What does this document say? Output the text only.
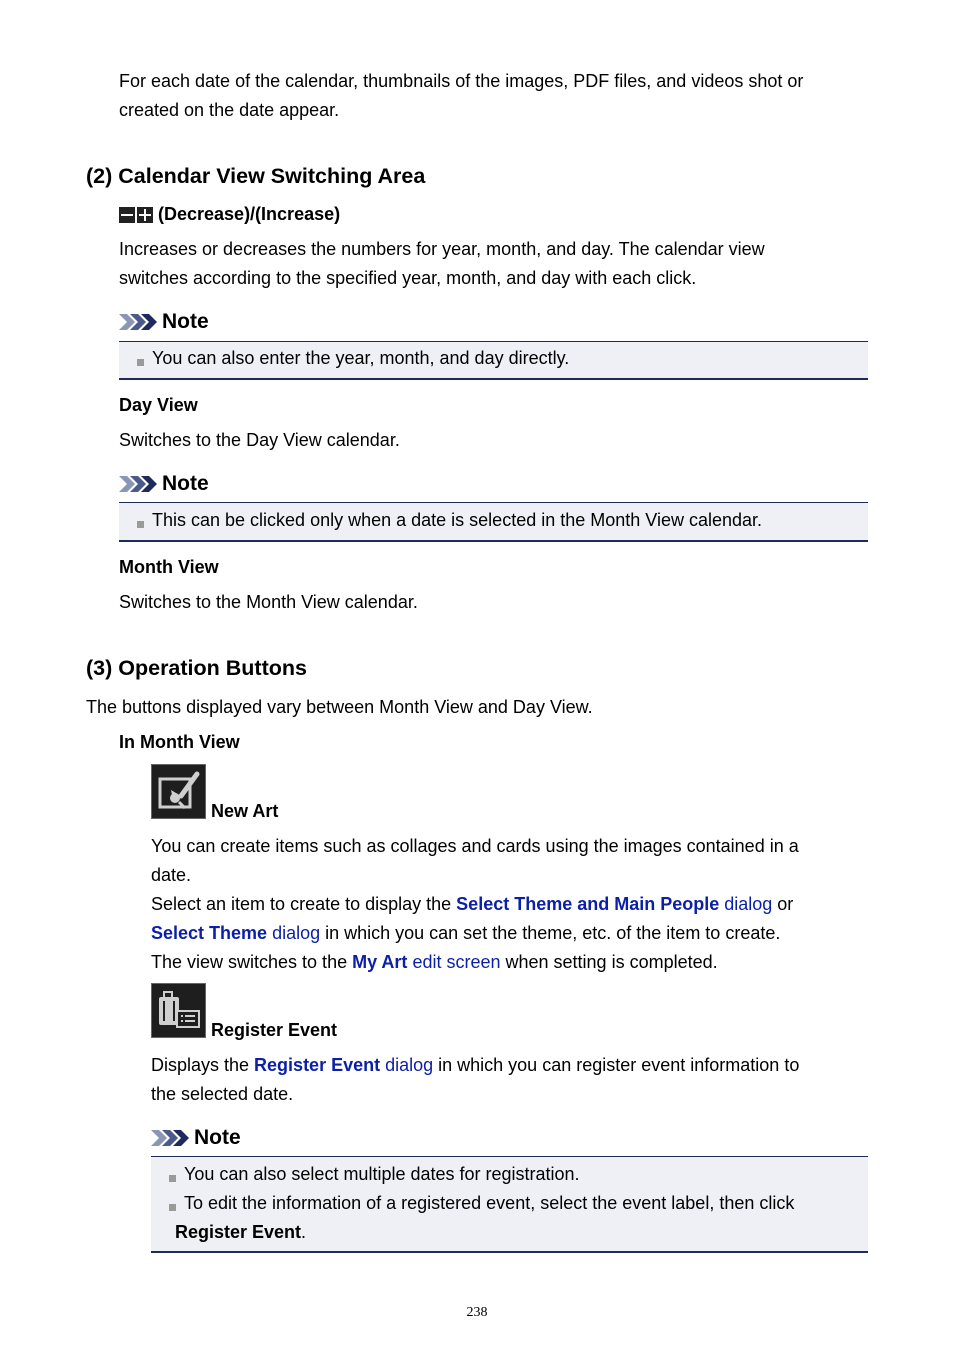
For each date of the calendar, thumbnails of the images, PDF files, and videos shot or

created on the date appear.

(2) Calendar View Switching Area
(Decrease)/(Increase)

Increases or decreases the numbers for year, month, and day. The calendar view

switches according to the specified year, month, and day with each click.

Note
You can also enter the year, month, and day directly.
Day View
Switches to the Day View calendar.
Note
This can be clicked only when a date is selected in the Month View calendar.
Month View
Switches to the Month View calendar.
(3) Operation Buttons
The buttons displayed vary between Month View and Day View.
In Month View
New Art

You can create items such as collages and cards using the images contained in a

date.

Select an item to create to display the Select Theme and Main People dialog or

Select Theme dialog in which you can set the theme, etc. of the item to create.

The view switches to the My Art edit screen when setting is completed.

Register Event

Displays the Register Event dialog in which you can register event information to

the selected date.

Note
You can also select multiple dates for registration.
To edit the information of a registered event, select the event label, then click
Register Event.
238
